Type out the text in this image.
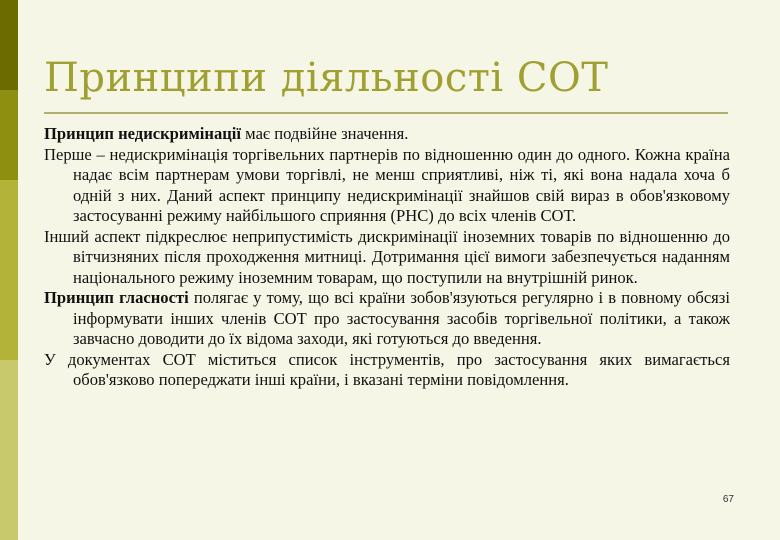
Принципи діяльності СОТ

Принцип недискримінації має подвійне значення.

Перше – недискримінація торгівельних партнерів по відношенню один до одного. Кожна країна надає всім партнерам умови торгівлі, не менш сприятливі, ніж ті, які вона надала хоча б одній з них. Даний аспект принципу недискримінації знайшов свій вираз в обов'язковому застосуванні режиму найбільшого сприяння (РНС) до всіх членів СОТ.

Інший аспект підкреслює неприпустимість дискримінації іноземних товарів по відношенню до вітчизняних після проходження митниці. Дотримання цієї вимоги забезпечується наданням національного режиму іноземним товарам, що поступили на внутрішній ринок.

Принцип гласності полягає у тому, що всі країни зобов'язуються регулярно і в повному обсязі інформувати інших членів СОТ про застосування засобів торгівельної політики, а також завчасно доводити до їх відома заходи, які готуються до введення.

У документах СОТ міститься список інструментів, про застосування яких вимагається обов'язково попереджати інші країни, і вказані терміни повідомлення.

67
